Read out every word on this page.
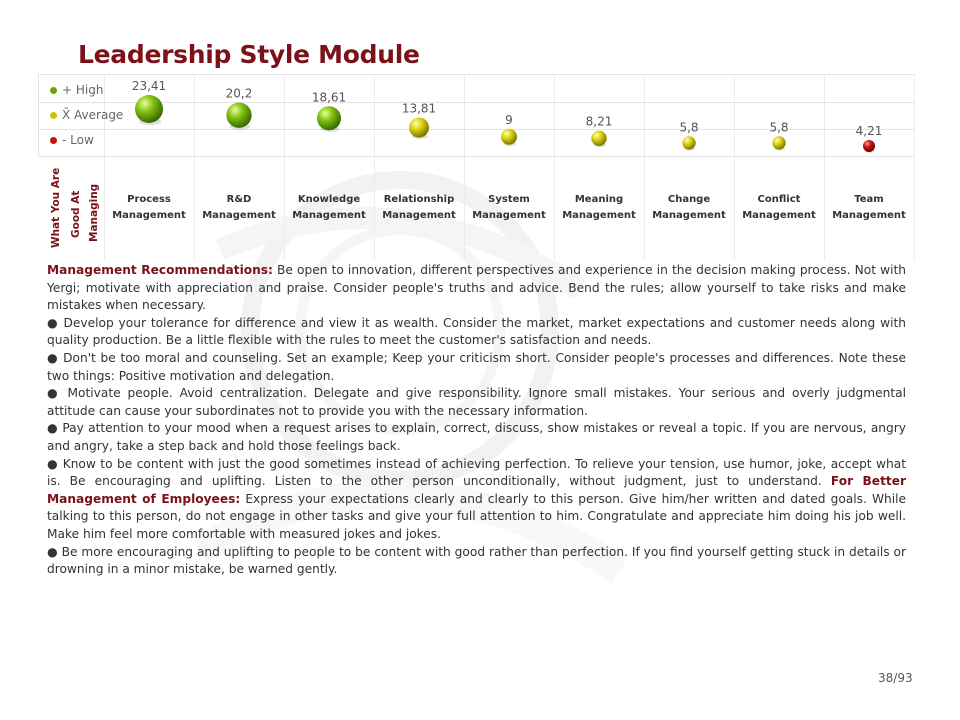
Leadership Style Module
23,41
20,2	18,61
13,81
9	8,21	5,8	5,8	4,21
+ High
X̄ Average
- Low
What You Are Good At Managing	Process
Management
R&D
Management
Knowledge
Management
Relationship
Management
System
Management
Meaning
Management
Change
Management
Conflict
Management
Team
Management

Management Recommendations: Be open to innovation, different perspectives and experience in the decision making process. Not with Yergi; motivate with appreciation and praise. Consider people's truths and advice. Bend the rules; allow yourself to take risks and make mistakes when necessary.

● Develop your tolerance for difference and view it as wealth. Consider the market, market expectations and customer needs along with quality production. Be a little flexible with the rules to meet the customer's satisfaction and needs.

● Don't be too moral and counseling. Set an example; Keep your criticism short. Consider people's processes and differences. Note these two things: Positive motivation and delegation.

● Motivate people. Avoid centralization. Delegate and give responsibility. Ignore small mistakes. Your serious and overly judgmental attitude can cause your subordinates not to provide you with the necessary information.

● Pay attention to your mood when a request arises to explain, correct, discuss, show mistakes or reveal a topic. If you are nervous, angry and angry, take a step back and hold those feelings back.

● Know to be content with just the good sometimes instead of achieving perfection. To relieve your tension, use humor, joke, accept what is. Be encouraging and uplifting. Listen to the other person unconditionally, without judgment, just to understand. For Better Management of Employees: Express your expectations clearly and clearly to this person. Give him/her written and dated goals. While talking to this person, do not engage in other tasks and give your full attention to him. Congratulate and appreciate him doing his job well. Make him feel more comfortable with measured jokes and jokes.

● Be more encouraging and uplifting to people to be content with good rather than perfection. If you find yourself getting stuck in details or drowning in a minor mistake, be warned gently.

38/93
